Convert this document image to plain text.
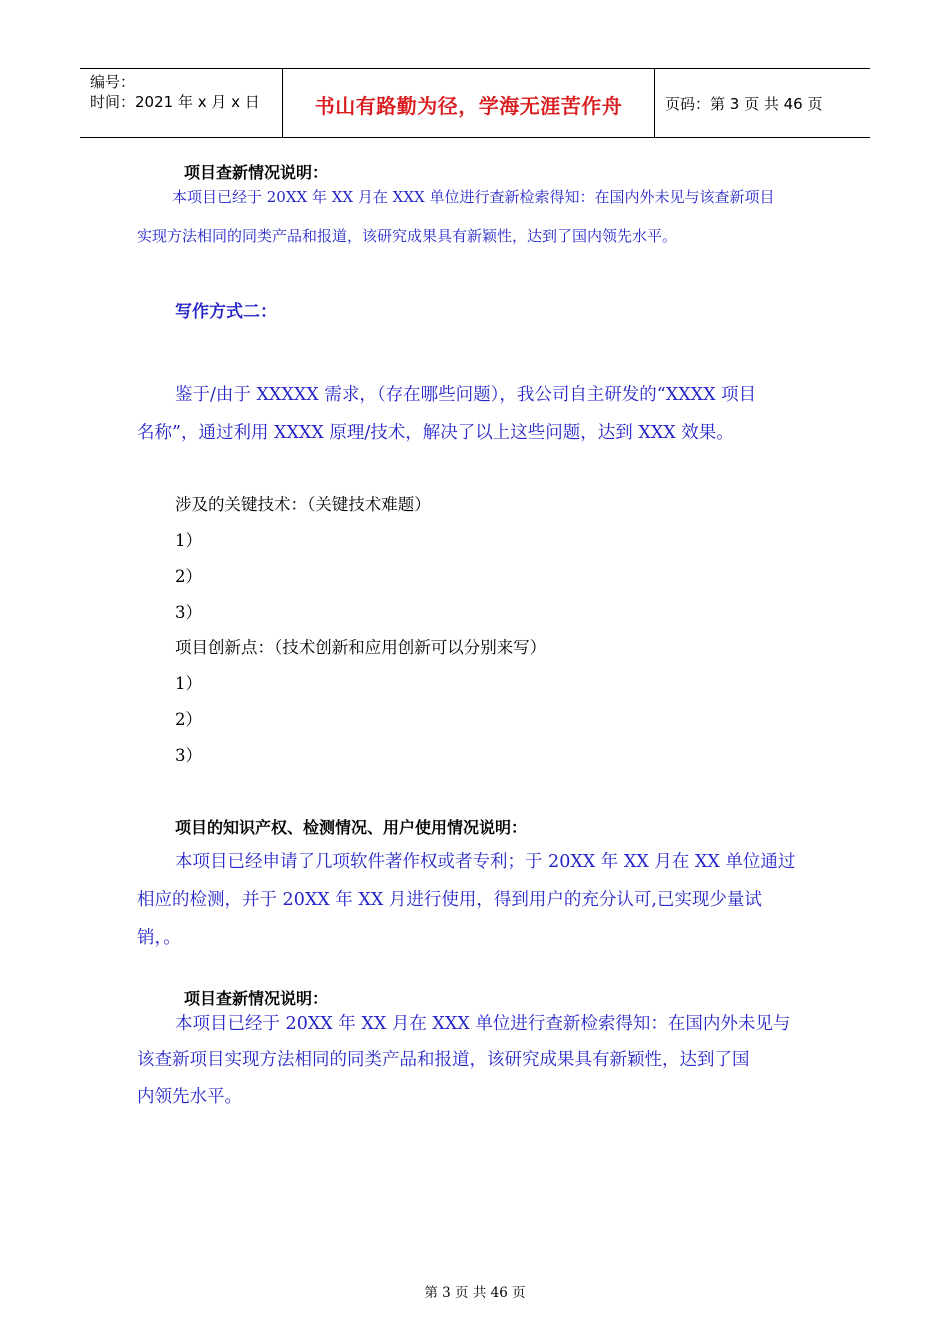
编号：
时间：2021 年 x 月 x 日	书山有路勤为径，学海无涯苦作舟	页码：第 3 页 共 46 页
项目查新情况说明：
本项目已经于 20XX 年 XX 月在 XXX 单位进行查新检索得知：在国内外未见与该查新项目
实现方法相同的同类产品和报道，该研究成果具有新颖性，达到了国内领先水平。
写作方式二：
鉴于/由于 XXXXX 需求，（存在哪些问题），我公司自主研发的“XXXX 项目
名称”，通过利用 XXXX 原理/技术，解决了以上这些问题，达到 XXX 效果。
涉及的关键技术：（关键技术难题）
1）
2）
3）
项目创新点：（技术创新和应用创新可以分别来写）
1）
2）
3）
项目的知识产权、检测情况、用户使用情况说明：
本项目已经申请了几项软件著作权或者专利；于 20XX 年 XX 月在 XX 单位通过
相应的检测，并于 20XX 年 XX 月进行使用，得到用户的充分认可,已实现少量试
销，。
项目查新情况说明：
本项目已经于 20XX 年 XX 月在 XXX 单位进行查新检索得知：在国内外未见与
该查新项目实现方法相同的同类产品和报道，该研究成果具有新颖性，达到了国
内领先水平。
第 3 页 共 46 页
